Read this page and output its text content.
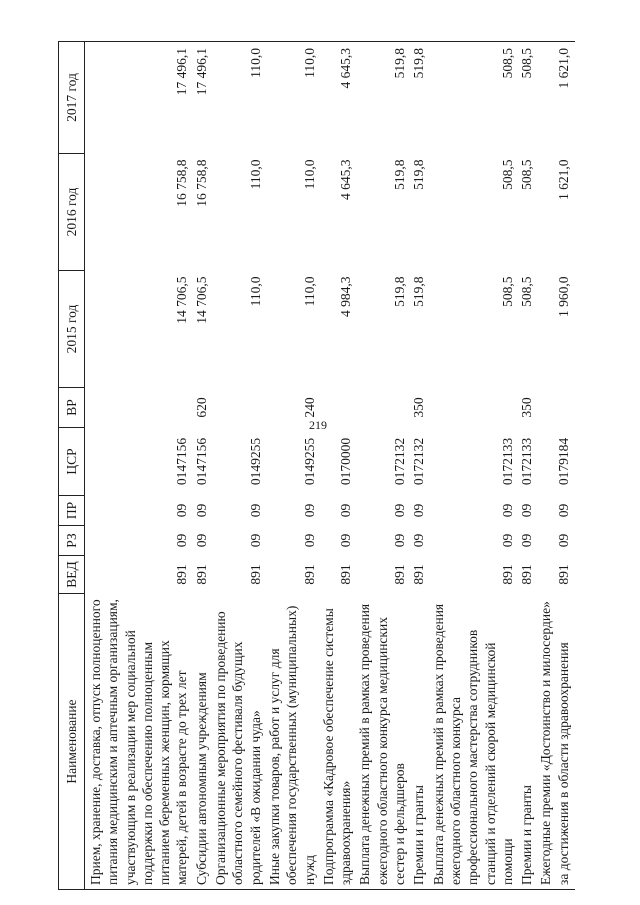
219
Наименование	ВЕД	РЗ	ПР	ЦСР	ВР	2015 год	2016 год	2017 год
Прием, хранение, доставка, отпуск полноценного питания медицинским и аптечным организациям, участвующим в реализации мер социальной поддержки по обеспечению полноценным питанием беременных женщин, кормящих матерей, детей в возрасте до трех лет	891	09	09	0147156		14 706,5	16 758,8	17 496,1
Субсидии автономным учреждениям	891	09	09	0147156	620	14 706,5	16 758,8	17 496,1
Организационные мероприятия по проведению областного семейного фестиваля будущих родителей «В ожидании чуда»	891	09	09	0149255		110,0	110,0	110,0
Иные закупки товаров, работ и услуг для обеспечения государственных (муниципальных) нужд	891	09	09	0149255	240	110,0	110,0	110,0
Подпрограмма «Кадровое обеспечение системы здравоохранения»	891	09	09	0170000		4 984,3	4 645,3	4 645,3
Выплата денежных премий в рамках проведения ежегодного областного конкурса медицинских сестер и фельдшеров	891	09	09	0172132		519,8	519,8	519,8
Премии и гранты	891	09	09	0172132	350	519,8	519,8	519,8
Выплата денежных премий в рамках проведения ежегодного областного конкурса профессионального мастерства сотрудников станций и отделений скорой медицинской помощи	891	09	09	0172133		508,5	508,5	508,5
Премии и гранты	891	09	09	0172133	350	508,5	508,5	508,5
Ежегодные премии «Достоинство и милосердие» за достижения в области здравоохранения	891	09	09	0179184		1 960,0	1 621,0	1 621,0
